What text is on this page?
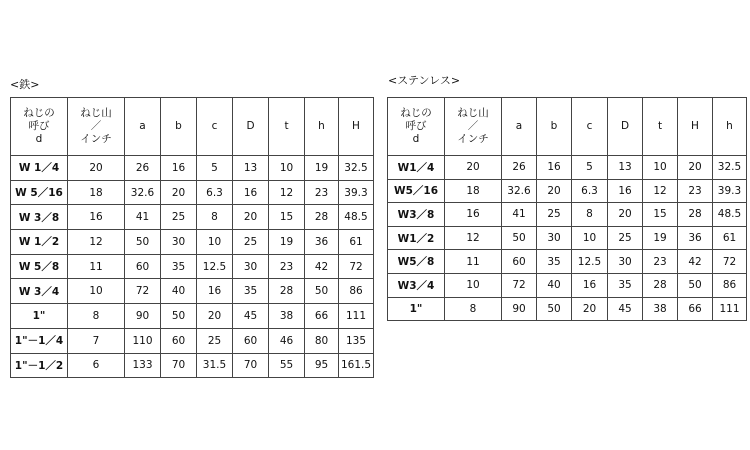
<鉄>
ねじの
呼び
d	ねじ山
／
インチ	a	b	c	D	t	h	H
W 1／4	20	26	16	5	13	10	19	32.5
W 5／16	18	32.6	20	6.3	16	12	23	39.3
W 3／8	16	41	25	8	20	15	28	48.5
W 1／2	12	50	30	10	25	19	36	61
W 5／8	11	60	35	12.5	30	23	42	72
W 3／4	10	72	40	16	35	28	50	86
1"	8	90	50	20	45	38	66	111
1"－1／4	7	110	60	25	60	46	80	135
1"－1／2	6	133	70	31.5	70	55	95	161.5
<ステンレス>
ねじの
呼び
d	ねじ山
／
インチ	a	b	c	D	t	H	h
W1／4	20	26	16	5	13	10	20	32.5
W5／16	18	32.6	20	6.3	16	12	23	39.3
W3／8	16	41	25	8	20	15	28	48.5
W1／2	12	50	30	10	25	19	36	61
W5／8	11	60	35	12.5	30	23	42	72
W3／4	10	72	40	16	35	28	50	86
1"	8	90	50	20	45	38	66	111
